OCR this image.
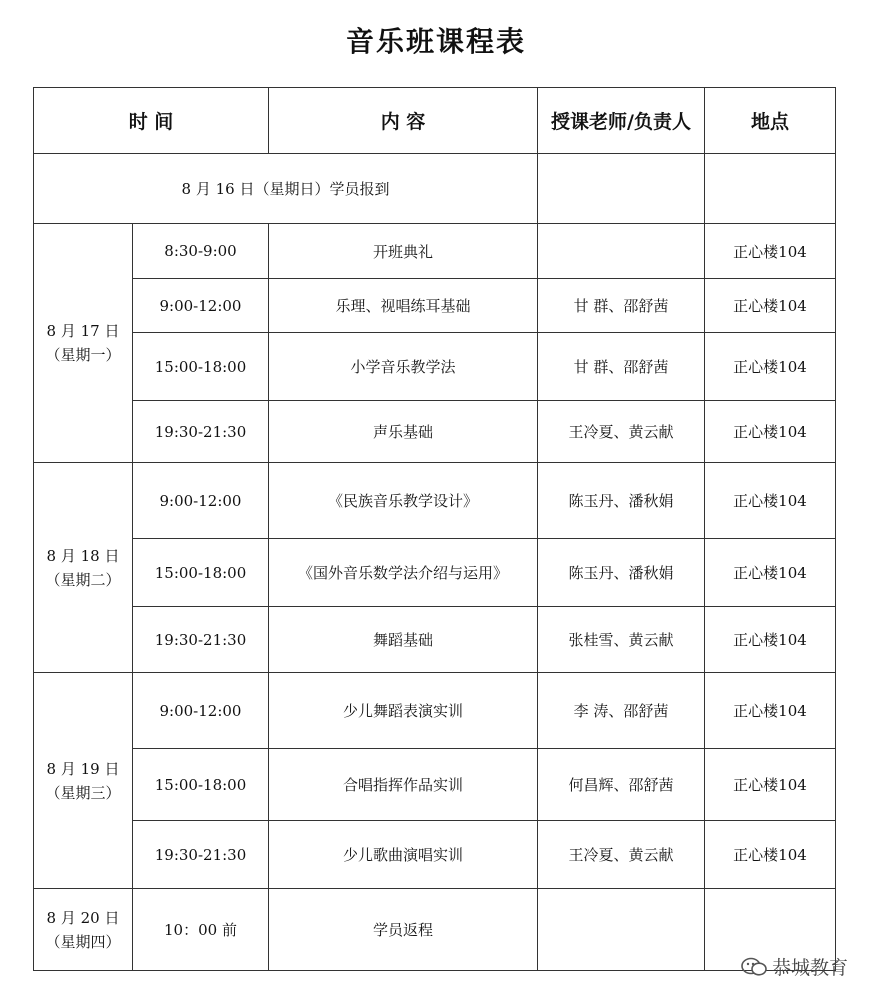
音乐班课程表
时 间		内 容	授课老师/负责人	地点
8 月 16 日（星期日）学员报到				

8 月 17 日
（星期一）	8:30-9:00	开班典礼		正心楼104
	9:00-12:00	乐理、视唱练耳基础	甘 群、邵舒茜	正心楼104
	15:00-18:00	小学音乐教学法	甘 群、邵舒茜	正心楼104
	19:30-21:30	声乐基础	王冷夏、黄云献	正心楼104

8 月 18 日
（星期二）	9:00-12:00	《民族音乐教学设计》	陈玉丹、潘秋娟	正心楼104
	15:00-18:00	《国外音乐数学法介绍与运用》	陈玉丹、潘秋娟	正心楼104
	19:30-21:30	舞蹈基础	张桂雪、黄云献	正心楼104

8 月 19 日
（星期三）	9:00-12:00	少儿舞蹈表演实训	李 涛、邵舒茜	正心楼104
	15:00-18:00	合唱指挥作品实训	何昌辉、邵舒茜	正心楼104
	19:30-21:30	少儿歌曲演唱实训	王冷夏、黄云献	正心楼104

8 月 20 日
（星期四）	10：00 前	学员返程		
恭城教育
